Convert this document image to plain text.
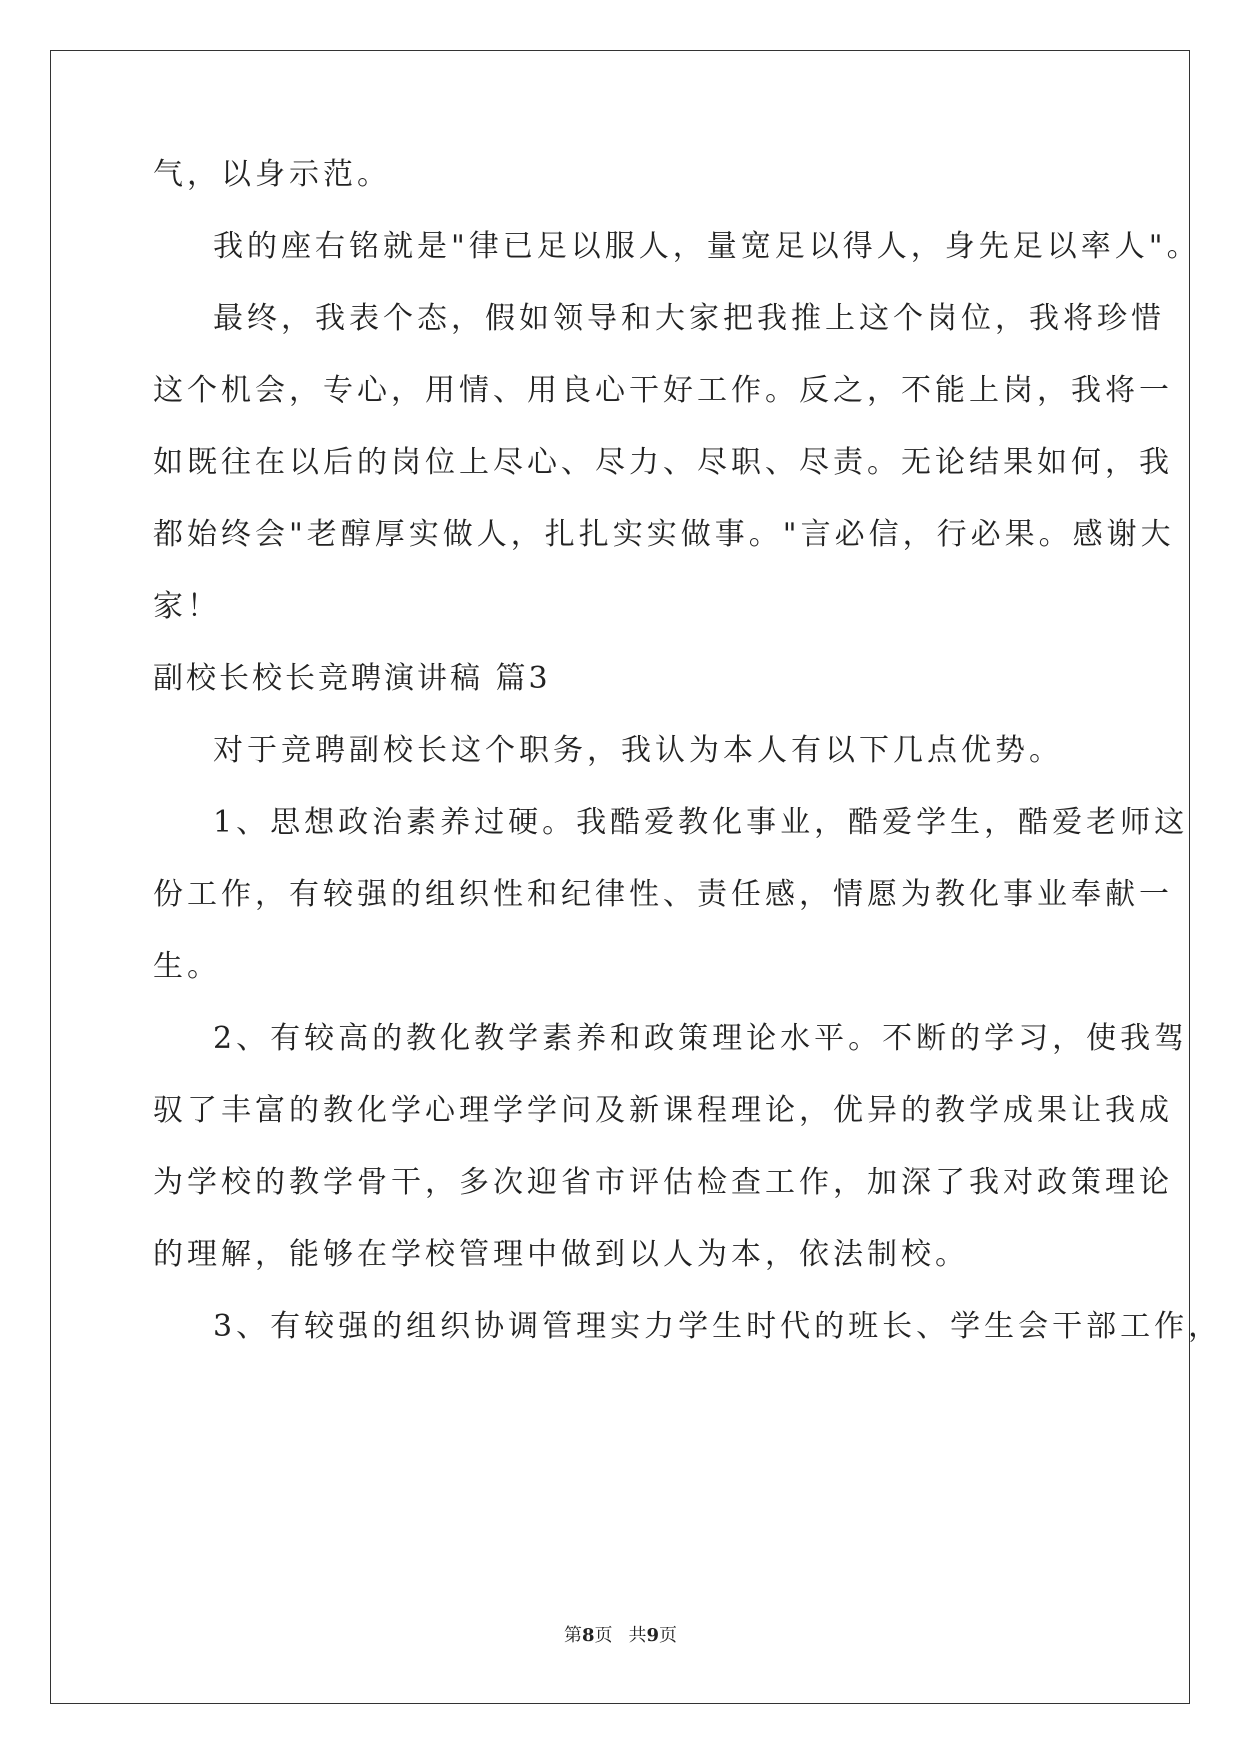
气，以身示范。
我的座右铭就是"律已足以服人，量宽足以得人，身先足以率人"。
最终，我表个态，假如领导和大家把我推上这个岗位，我将珍惜
这个机会，专心，用情、用良心干好工作。反之，不能上岗，我将一
如既往在以后的岗位上尽心、尽力、尽职、尽责。无论结果如何，我
都始终会"老醇厚实做人，扎扎实实做事。"言必信，行必果。感谢大
家！
副校长校长竞聘演讲稿 篇3
对于竞聘副校长这个职务，我认为本人有以下几点优势。
1、思想政治素养过硬。我酷爱教化事业，酷爱学生，酷爱老师这
份工作，有较强的组织性和纪律性、责任感，情愿为教化事业奉献一
生。
2、有较高的教化教学素养和政策理论水平。不断的学习，使我驾
驭了丰富的教化学心理学学问及新课程理论，优异的教学成果让我成
为学校的教学骨干，多次迎省市评估检查工作，加深了我对政策理论
的理解，能够在学校管理中做到以人为本，依法制校。
3、有较强的组织协调管理实力学生时代的班长、学生会干部工作，
第8页 共9页
